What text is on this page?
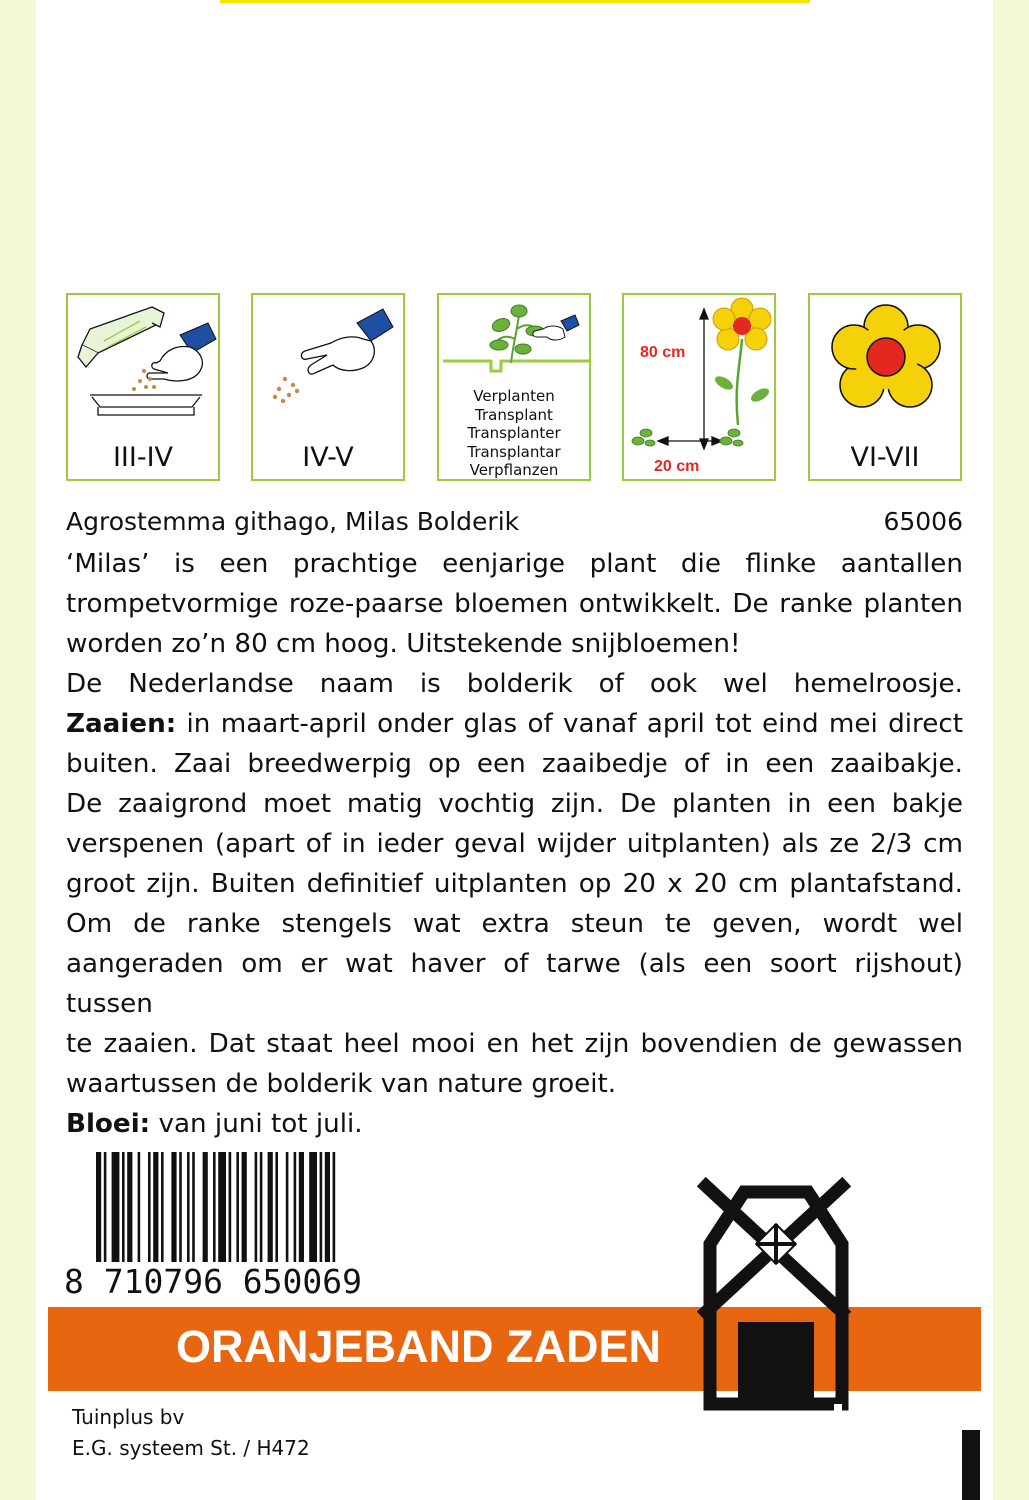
III-IV	IV-V
Verplanten
Transplant
Transplanter
Transplantar
Verpflanzen
80 cm
20 cm	VI-VII
Agrostemma githago, Milas Bolderik	65006

‘Milas’ is een prachtige eenjarige plant die flinke aantallen

trompetvormige roze-paarse bloemen ontwikkelt. De ranke planten

worden zo’n 80 cm hoog. Uitstekende snijbloemen!

De Nederlandse naam is bolderik of ook wel hemelroosje.

Zaaien: in maart-april onder glas of vanaf april tot eind mei direct

buiten. Zaai breedwerpig op een zaaibedje of in een zaaibakje.

De zaaigrond moet matig vochtig zijn. De planten in een bakje

verspenen (apart of in ieder geval wijder uitplanten) als ze 2/3 cm

groot zijn. Buiten definitief uitplanten op 20 x 20 cm plantafstand.

Om de ranke stengels wat extra steun te geven, wordt wel

aangeraden om er wat haver of tarwe (als een soort rijshout) tussen

te zaaien. Dat staat heel mooi en het zijn bovendien de gewassen

waartussen de bolderik van nature groeit.

Bloei: van juni tot juli.

8 710796 650069
ORANJEBAND ZADEN
Tuinplus bv
E.G. systeem St. / H472
